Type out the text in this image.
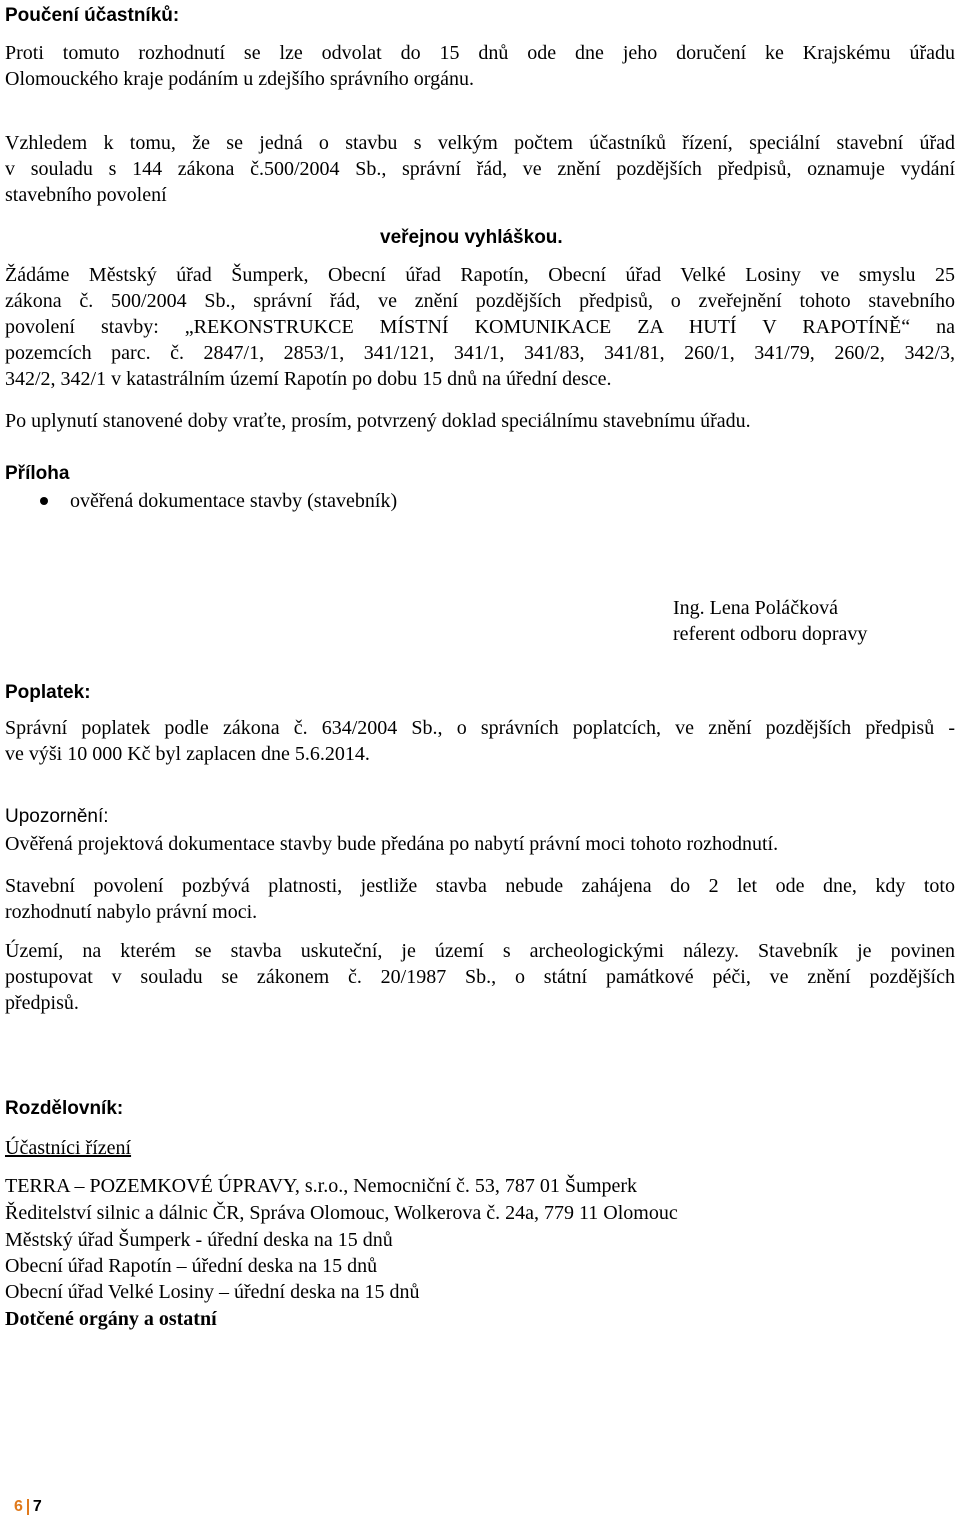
Poučení účastníků:
Proti tomuto rozhodnutí se lze odvolat do 15 dnů ode dne jeho doručení ke Krajskému úřadu
Olomouckého kraje podáním u zdejšího správního orgánu.
Vzhledem k tomu, že se jedná o stavbu s velkým počtem účastníků řízení, speciální stavební úřad
v souladu s 144 zákona č.500/2004 Sb., správní řád, ve znění pozdějších předpisů, oznamuje vydání
stavebního povolení
veřejnou vyhláškou.
Žádáme Městský úřad Šumperk, Obecní úřad Rapotín, Obecní úřad Velké Losiny ve smyslu 25
zákona č. 500/2004 Sb., správní řád, ve znění pozdějších předpisů, o zveřejnění tohoto stavebního
povolení stavby: „REKONSTRUKCE MÍSTNÍ KOMUNIKACE ZA HUTÍ V RAPOTÍNĚ“ na
pozemcích parc. č. 2847/1, 2853/1, 341/121, 341/1, 341/83, 341/81, 260/1, 341/79, 260/2, 342/3,
342/2, 342/1 v katastrálním území Rapotín po dobu 15 dnů na úřední desce.
Po uplynutí stanovené doby vraťte, prosím, potvrzený doklad speciálnímu stavebnímu úřadu.
Příloha
ověřená dokumentace stavby (stavebník)
Ing. Lena Poláčková
referent odboru dopravy
Poplatek:
Správní poplatek podle zákona č. 634/2004 Sb., o správních poplatcích, ve znění pozdějších předpisů -
ve výši 10 000 Kč byl zaplacen dne 5.6.2014.
Upozornění:
Ověřená projektová dokumentace stavby bude předána po nabytí právní moci tohoto rozhodnutí.
Stavební povolení pozbývá platnosti, jestliže stavba nebude zahájena do 2 let ode dne, kdy toto
rozhodnutí nabylo právní moci.
Území, na kterém se stavba uskuteční, je území s archeologickými nálezy. Stavebník je povinen
postupovat v souladu se zákonem č. 20/1987 Sb., o státní památkové péči, ve znění pozdějších
předpisů.
Rozdělovník:
Účastníci řízení
TERRA – POZEMKOVÉ ÚPRAVY, s.r.o., Nemocniční č. 53, 787 01 Šumperk
Ředitelství silnic a dálnic ČR, Správa Olomouc, Wolkerova č. 24a, 779 11 Olomouc
Městský úřad Šumperk - úřední deska na 15 dnů
Obecní úřad Rapotín – úřední deska na 15 dnů
Obecní úřad Velké Losiny – úřední deska na 15 dnů
Dotčené orgány a ostatní
6 7
